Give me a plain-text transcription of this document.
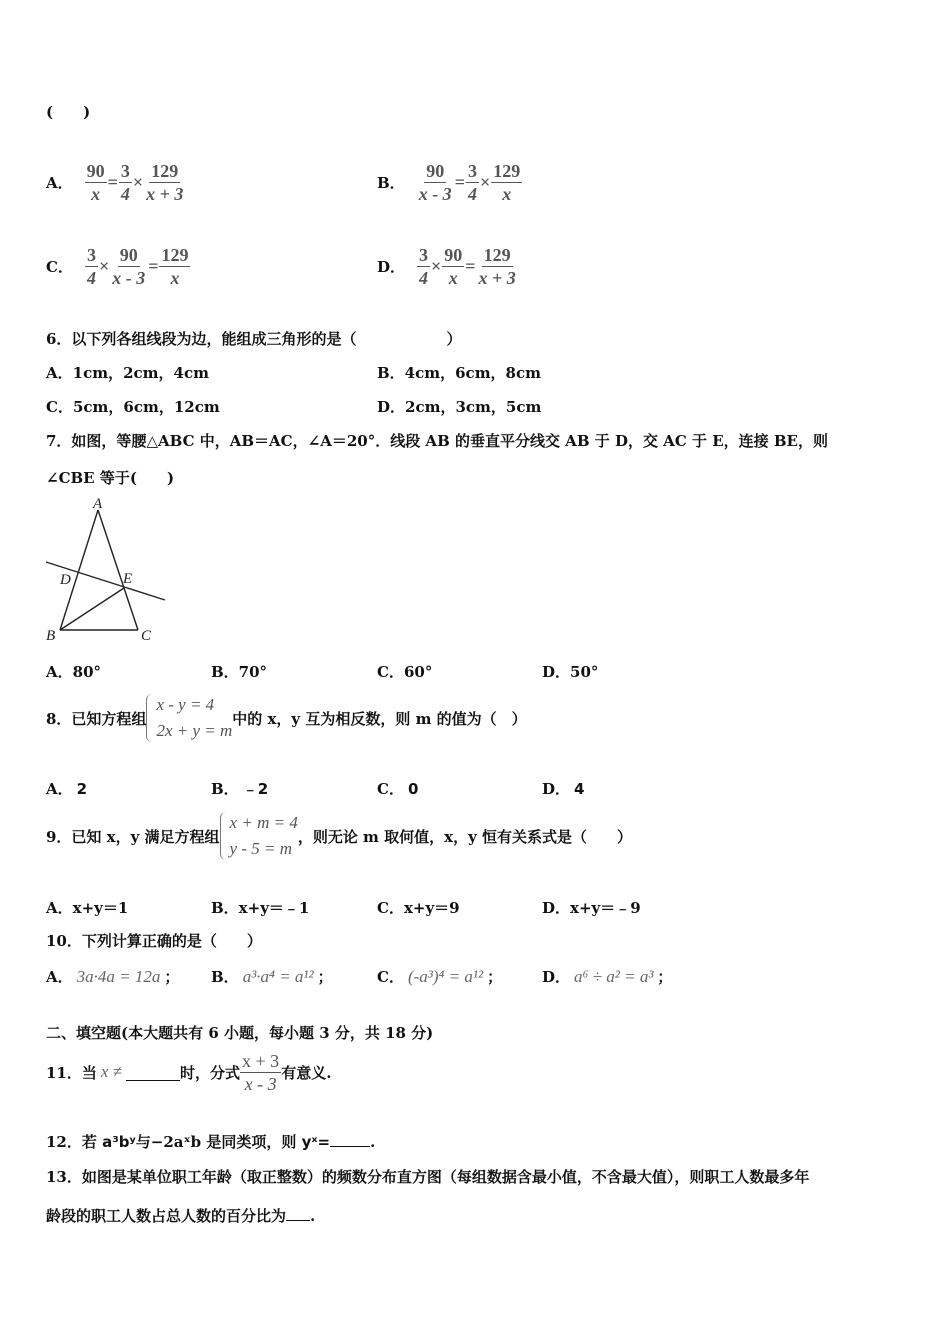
(　　)
A． $\frac{90}{x} = \frac{3}{4} \times \frac{129}{x + 3}$	B． $\frac{90}{x - 3} = \frac{3}{4} \times \frac{129}{x}$
C． $\frac{3}{4} \times \frac{90}{x - 3} = \frac{129}{x}$	D． $\frac{3}{4} \times \frac{90}{x} = \frac{129}{x + 3}$
6．以下列各组线段为边，能组成三角形的是（　　　　　　）
A．1cm，2cm，4cm	B．4cm，6cm，8cm
C．5cm，6cm，12cm	D．2cm，3cm，5cm
7．如图，等腰△ABC 中，AB＝AC，∠A＝20°．线段 AB 的垂直平分线交 AB 于 D，交 AC 于 E，连接 BE，则
∠CBE 等于(　　)
A
D	E
B	C
A．80°	B．70°	C．60°	D．50°
8．已知方程组
x - y = 4
2x + y = m
中的 x，y 互为相反数，则 m 的值为（　）
A． 2	B． ﹣2	C． 0	D． 4
9．已知 x，y 满足方程组
x + m = 4
y - 5 = m
，则无论 m 取何值，x，y 恒有关系式是（　　）
A．x+y＝1	B．x+y＝﹣1	C．x+y＝9	D．x+y＝﹣9
10．下列计算正确的是（　　）
A． 3a·4a = 12a ； B． a³·a⁴ = a¹² ；	C． (-a³)⁴ = a¹² ；	D． a⁶ ÷ a² = a³ ；
二、填空题(本大题共有 6 小题，每小题 3 分，共 18 分)
11．当 x ≠	时，分式 $\frac{x + 3}{x - 3}$ 有意义.
12．若 a³bʸ与−2aˣb 是同类项，则 yˣ=	.
13．如图是某单位职工年龄（取正整数）的频数分布直方图（每组数据含最小值，不含最大值），则职工人数最多年
龄段的职工人数占总人数的百分比为 .
